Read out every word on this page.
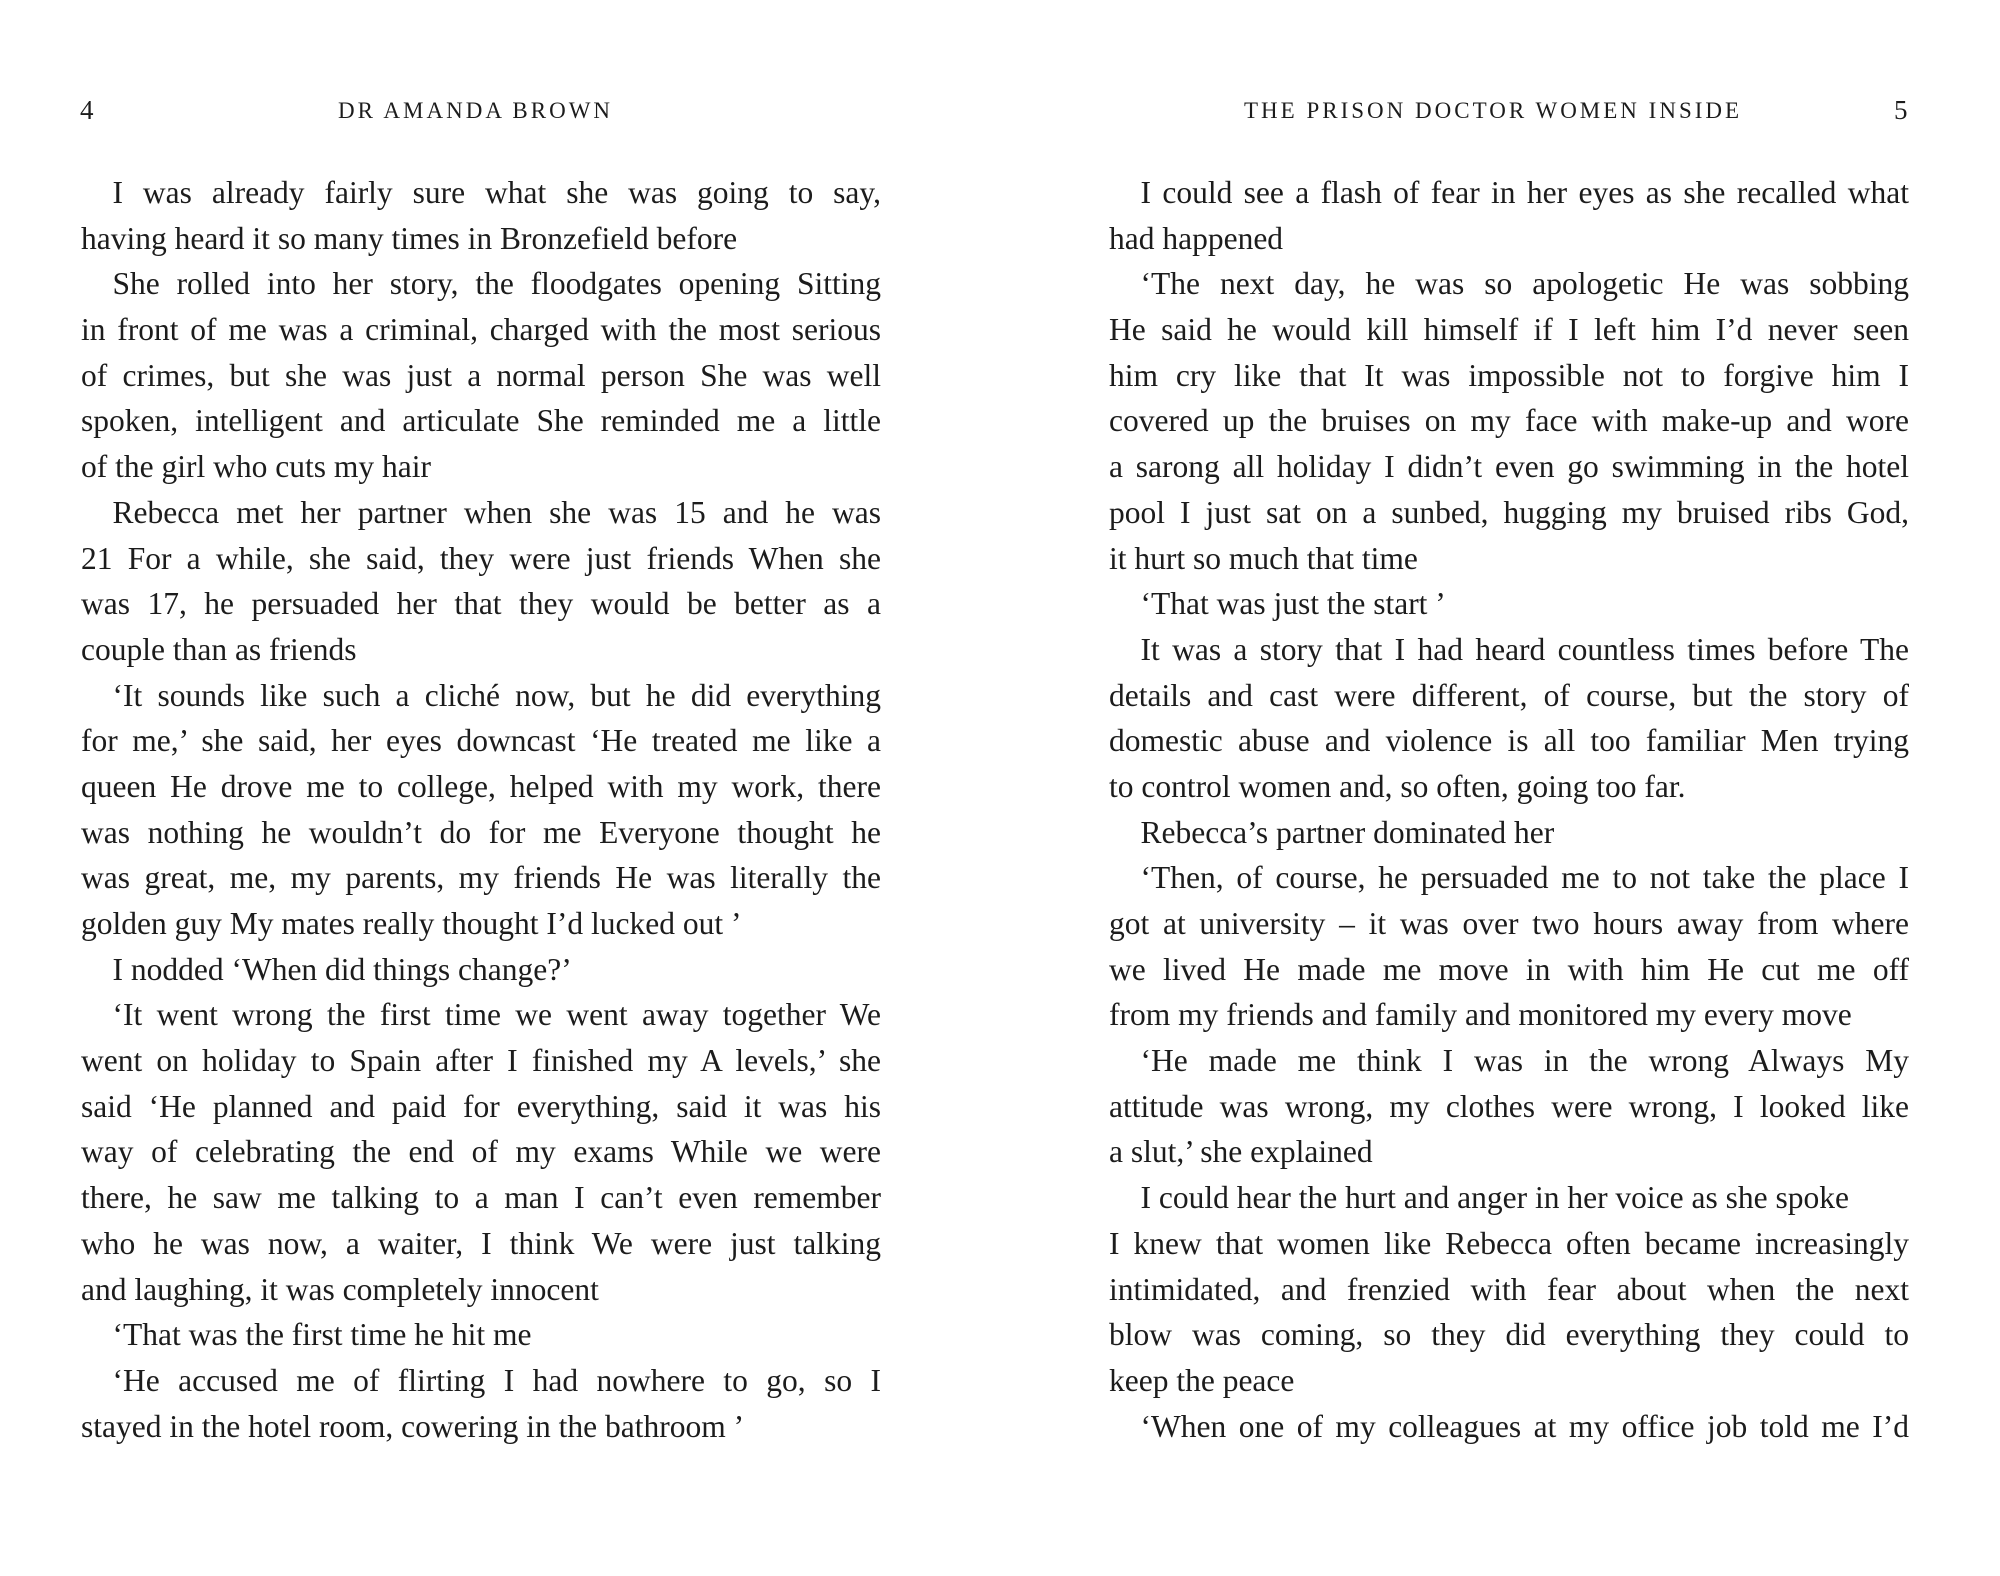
4	DR AMANDA BROWN
 I was already fairly sure what she was going to say,
having heard it so many times in Bronzefield before
 She rolled into her story, the floodgates opening Sitting
in front of me was a criminal, charged with the most serious
of crimes, but she was just a normal person She was well
spoken, intelligent and articulate She reminded me a little
of the girl who cuts my hair
 Rebecca met her partner when she was 15 and he was
21 For a while, she said, they were just friends When she
was 17, he persuaded her that they would be better as a
couple than as friends
 ‘It sounds like such a cliché now, but he did everything
for me,’ she said, her eyes downcast ‘He treated me like a
queen He drove me to college, helped with my work, there
was nothing he wouldn’t do for me Everyone thought he
was great, me, my parents, my friends He was literally the
golden guy My mates really thought I’d lucked out ’
 I nodded ‘When did things change?’
 ‘It went wrong the first time we went away together We
went on holiday to Spain after I finished my A levels,’ she
said ‘He planned and paid for everything, said it was his
way of celebrating the end of my exams While we were
there, he saw me talking to a man I can’t even remember
who he was now, a waiter, I think We were just talking
and laughing, it was completely innocent
 ‘That was the first time he hit me
 ‘He accused me of flirting I had nowhere to go, so I
stayed in the hotel room, cowering in the bathroom ’
THE PRISON DOCTOR WOMEN INSIDE	5
 I could see a flash of fear in her eyes as she recalled what
had happened
 ‘The next day, he was so apologetic He was sobbing
He said he would kill himself if I left him I’d never seen
him cry like that It was impossible not to forgive him I
covered up the bruises on my face with make-up and wore
a sarong all holiday I didn’t even go swimming in the hotel
pool I just sat on a sunbed, hugging my bruised ribs God,
it hurt so much that time
 ‘That was just the start ’
 It was a story that I had heard countless times before The
details and cast were different, of course, but the story of
domestic abuse and violence is all too familiar Men trying
to control women and, so often, going too far.
 Rebecca’s partner dominated her
 ‘Then, of course, he persuaded me to not take the place I
got at university – it was over two hours away from where
we lived He made me move in with him He cut me off
from my friends and family and monitored my every move
 ‘He made me think I was in the wrong Always My
attitude was wrong, my clothes were wrong, I looked like
a slut,’ she explained
 I could hear the hurt and anger in her voice as she spoke
I knew that women like Rebecca often became increasingly
intimidated, and frenzied with fear about when the next
blow was coming, so they did everything they could to
keep the peace
 ‘When one of my colleagues at my office job told me I’d
